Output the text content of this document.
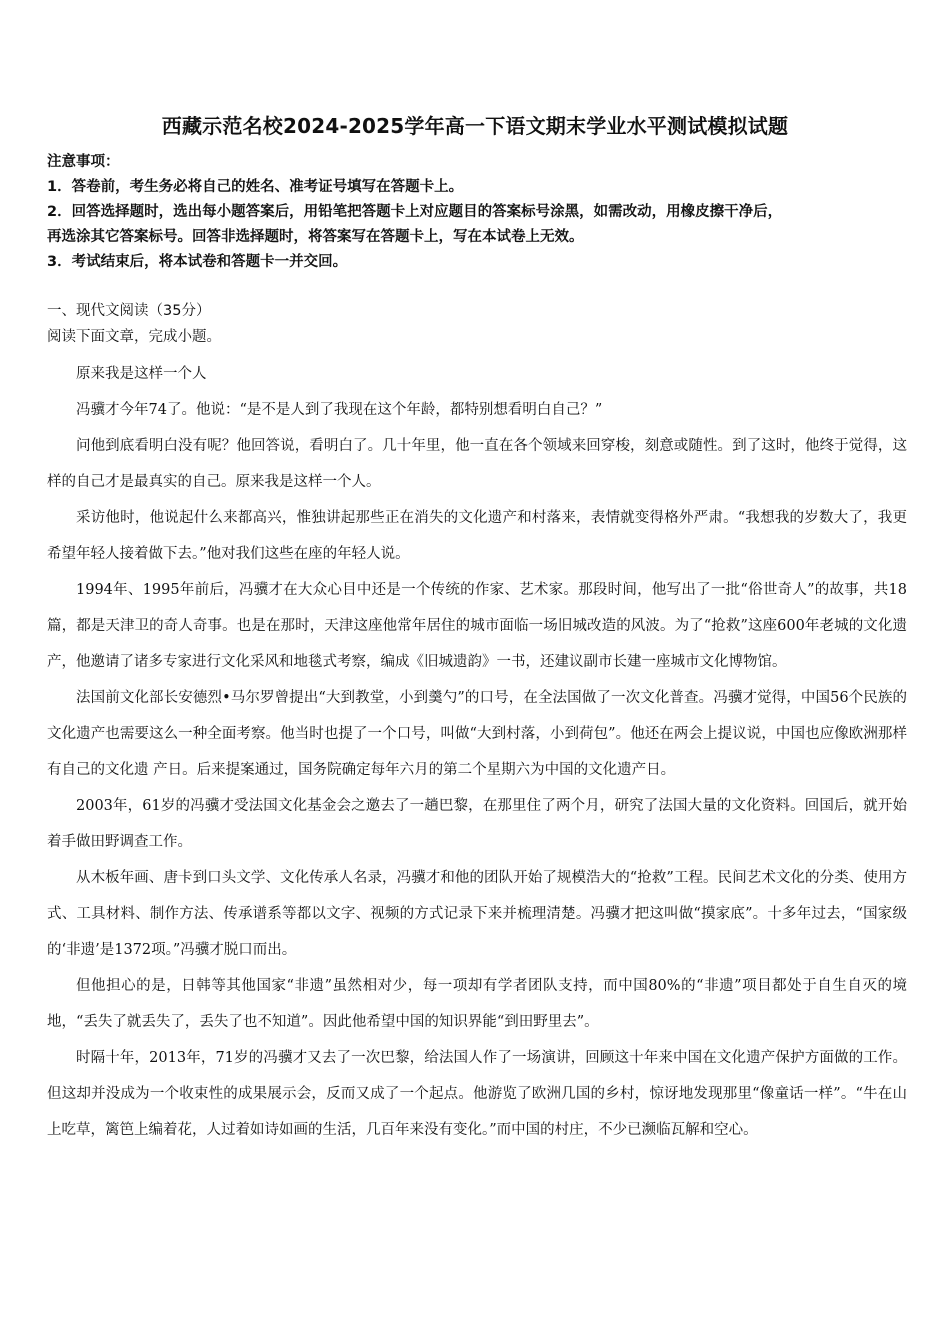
西藏示范名校2024-2025学年高一下语文期末学业水平测试模拟试题
注意事项：
1．答卷前，考生务必将自己的姓名、准考证号填写在答题卡上。
2．回答选择题时，选出每小题答案后，用铅笔把答题卡上对应题目的答案标号涂黑，如需改动，用橡皮擦干净后，
再选涂其它答案标号。回答非选择题时，将答案写在答题卡上，写在本试卷上无效。
3．考试结束后，将本试卷和答题卡一并交回。
一、现代文阅读（35分）
阅读下面文章，完成小题。

原来我是这样一个人

冯骥才今年74了。他说：“是不是人到了我现在这个年龄，都特别想看明白自己？”

问他到底看明白没有呢？他回答说，看明白了。几十年里，他一直在各个领域来回穿梭，刻意或随性。到了这时，他终于觉得，这样的自己才是最真实的自己。原来我是这样一个人。

采访他时，他说起什么来都高兴，惟独讲起那些正在消失的文化遗产和村落来，表情就变得格外严肃。“我想我的岁数大了，我更希望年轻人接着做下去。”他对我们这些在座的年轻人说。

1994年、1995年前后，冯骥才在大众心目中还是一个传统的作家、艺术家。那段时间，他写出了一批“俗世奇人”的故事，共18篇，都是天津卫的奇人奇事。也是在那时，天津这座他常年居住的城市面临一场旧城改造的风波。为了“抢救”这座600年老城的文化遗产，他邀请了诸多专家进行文化采风和地毯式考察，编成《旧城遗韵》一书，还建议副市长建一座城市文化博物馆。

法国前文化部长安德烈•马尔罗曾提出“大到教堂，小到羹勺”的口号，在全法国做了一次文化普查。冯骥才觉得，中国56个民族的文化遗产也需要这么一种全面考察。他当时也提了一个口号，叫做“大到村落，小到荷包”。他还在两会上提议说，中国也应像欧洲那样有自己的文化遗 产日。后来提案通过，国务院确定每年六月的第二个星期六为中国的文化遗产日。

2003年，61岁的冯骥才受法国文化基金会之邀去了一趟巴黎，在那里住了两个月，研究了法国大量的文化资料。回国后，就开始着手做田野调查工作。

从木板年画、唐卡到口头文学、文化传承人名录，冯骥才和他的团队开始了规模浩大的“抢救”工程。民间艺术文化的分类、使用方式、工具材料、制作方法、传承谱系等都以文字、视频的方式记录下来并梳理清楚。冯骥才把这叫做“摸家底”。十多年过去，“国家级的‘非遗’是1372项。”冯骥才脱口而出。

但他担心的是，日韩等其他国家“非遗”虽然相对少，每一项却有学者团队支持，而中国80%的“非遗”项目都处于自生自灭的境地，“丢失了就丢失了，丢失了也不知道”。因此他希望中国的知识界能“到田野里去”。

时隔十年，2013年，71岁的冯骥才又去了一次巴黎，给法国人作了一场演讲，回顾这十年来中国在文化遗产保护方面做的工作。但这却并没成为一个收束性的成果展示会，反而又成了一个起点。他游览了欧洲几国的乡村，惊讶地发现那里“像童话一样”。“牛在山上吃草，篱笆上编着花，人过着如诗如画的生活，几百年来没有变化。”而中国的村庄，不少已濒临瓦解和空心。
